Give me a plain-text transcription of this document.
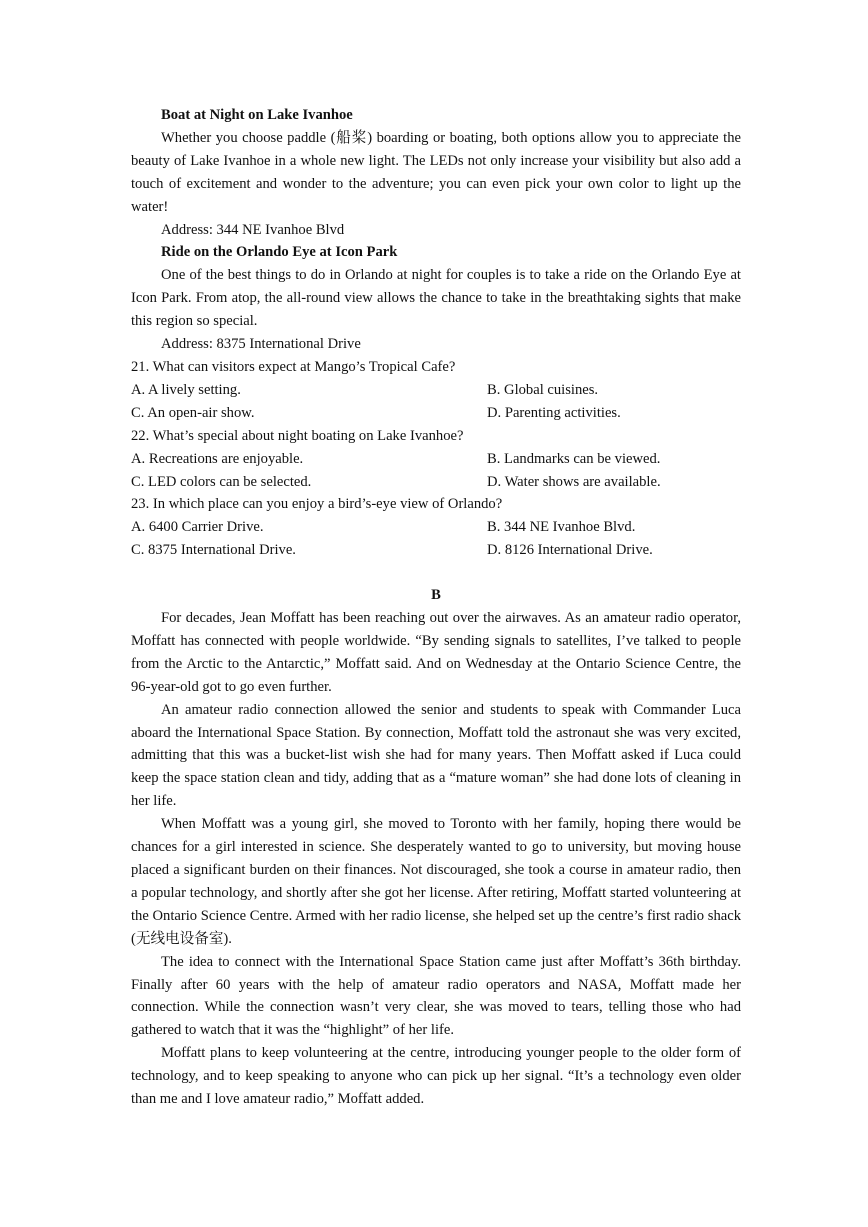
Boat at Night on Lake Ivanhoe

Whether you choose paddle (船桨) boarding or boating, both options allow you to appreciate the beauty of Lake Ivanhoe in a whole new light. The LEDs not only increase your visibility but also add a touch of excitement and wonder to the adventure; you can even pick your own color to light up the water!

Address: 344 NE Ivanhoe Blvd
Ride on the Orlando Eye at Icon Park

One of the best things to do in Orlando at night for couples is to take a ride on the Orlando Eye at Icon Park. From atop, the all-round view allows the chance to take in the breathtaking sights that make this region so special.

Address: 8375 International Drive
21. What can visitors expect at Mango’s Tropical Cafe?
A. A lively setting.	B. Global cuisines.
C. An open-air show.	D. Parenting activities.
22. What’s special about night boating on Lake Ivanhoe?
A. Recreations are enjoyable.	B. Landmarks can be viewed.
C. LED colors can be selected.	D. Water shows are available.
23. In which place can you enjoy a bird’s-eye view of Orlando?
A. 6400 Carrier Drive.	B. 344 NE Ivanhoe Blvd.
C. 8375 International Drive.	D. 8126 International Drive.
B

For decades, Jean Moffatt has been reaching out over the airwaves. As an amateur radio operator, Moffatt has connected with people worldwide. “By sending signals to satellites, I’ve talked to people from the Arctic to the Antarctic,” Moffatt said. And on Wednesday at the Ontario Science Centre, the 96-year-old got to go even further.

An amateur radio connection allowed the senior and students to speak with Commander Luca aboard the International Space Station. By connection, Moffatt told the astronaut she was very excited, admitting that this was a bucket-list wish she had for many years. Then Moffatt asked if Luca could keep the space station clean and tidy, adding that as a “mature woman” she had done lots of cleaning in her life.

When Moffatt was a young girl, she moved to Toronto with her family, hoping there would be chances for a girl interested in science. She desperately wanted to go to university, but moving house placed a significant burden on their finances. Not discouraged, she took a course in amateur radio, then a popular technology, and shortly after she got her license. After retiring, Moffatt started volunteering at the Ontario Science Centre. Armed with her radio license, she helped set up the centre’s first radio shack (无线电设备室).

The idea to connect with the International Space Station came just after Moffatt’s 36th birthday. Finally after 60 years with the help of amateur radio operators and NASA, Moffatt made her connection. While the connection wasn’t very clear, she was moved to tears, telling those who had gathered to watch that it was the “highlight” of her life.

Moffatt plans to keep volunteering at the centre, introducing younger people to the older form of technology, and to keep speaking to anyone who can pick up her signal. “It’s a technology even older than me and I love amateur radio,” Moffatt added.
